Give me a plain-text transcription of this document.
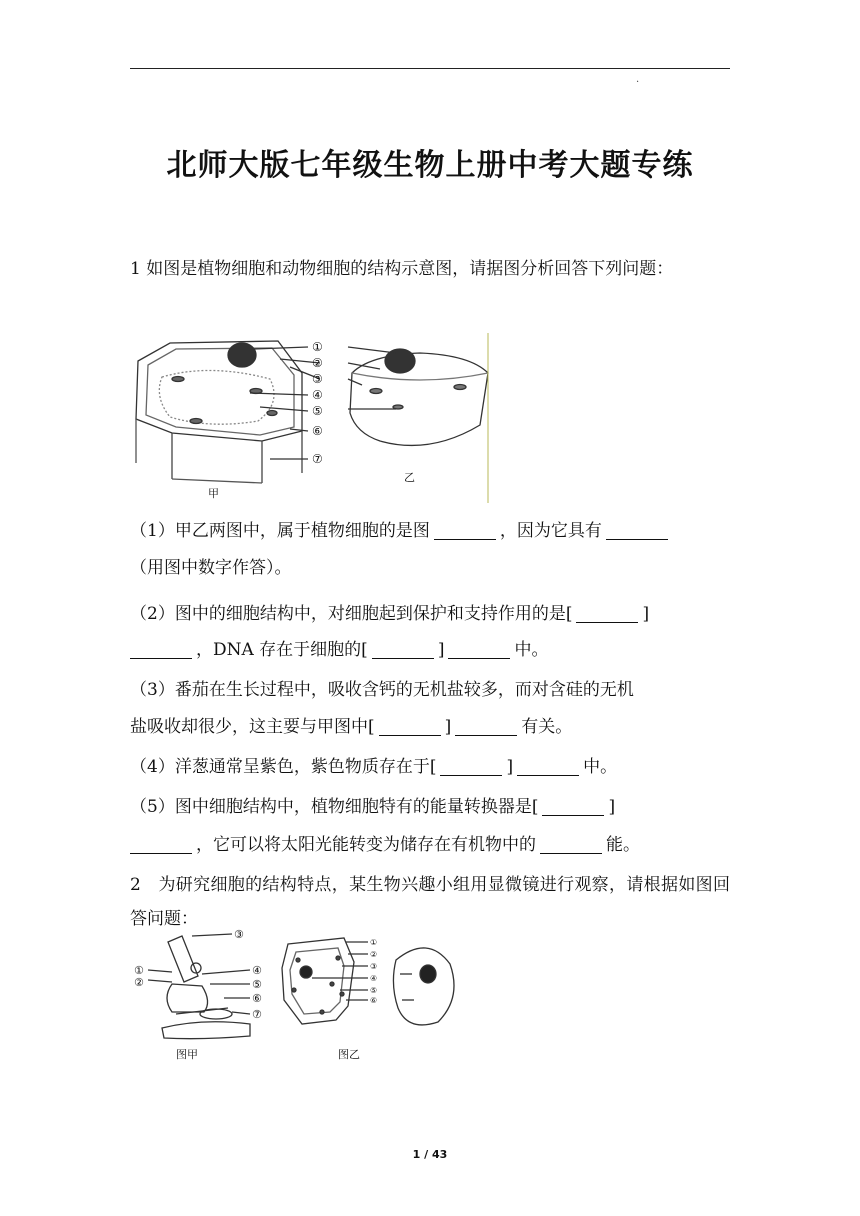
.
北师大版七年级生物上册中考大题专练
1 如图是植物细胞和动物细胞的结构示意图，请据图分析回答下列问题：
①
②
③
④
⑤
⑥
⑦
甲
乙
（1）甲乙两图中，属于植物细胞的是图	，因为它具有
（用图中数字作答）。
（2）图中的细胞结构中，对细胞起到保护和支持作用的是[	]
，DNA 存在于细胞的[	]	中。
（3）番茄在生长过程中，吸收含钙的无机盐较多，而对含硅的无机
盐吸收却很少，这主要与甲图中[	]	有关。
（4）洋葱通常呈紫色，紫色物质存在于[	]	中。
（5）图中细胞结构中，植物细胞特有的能量转换器是[	]
，它可以将太阳光能转变为储存在有机物中的	能。
2　为研究细胞的结构特点，某生物兴趣小组用显微镜进行观察，请根据如图回答问题：
③
①
②
④
⑤
⑥
⑦
①
②
③
④
⑤
⑥
图甲	图乙
1 / 43
